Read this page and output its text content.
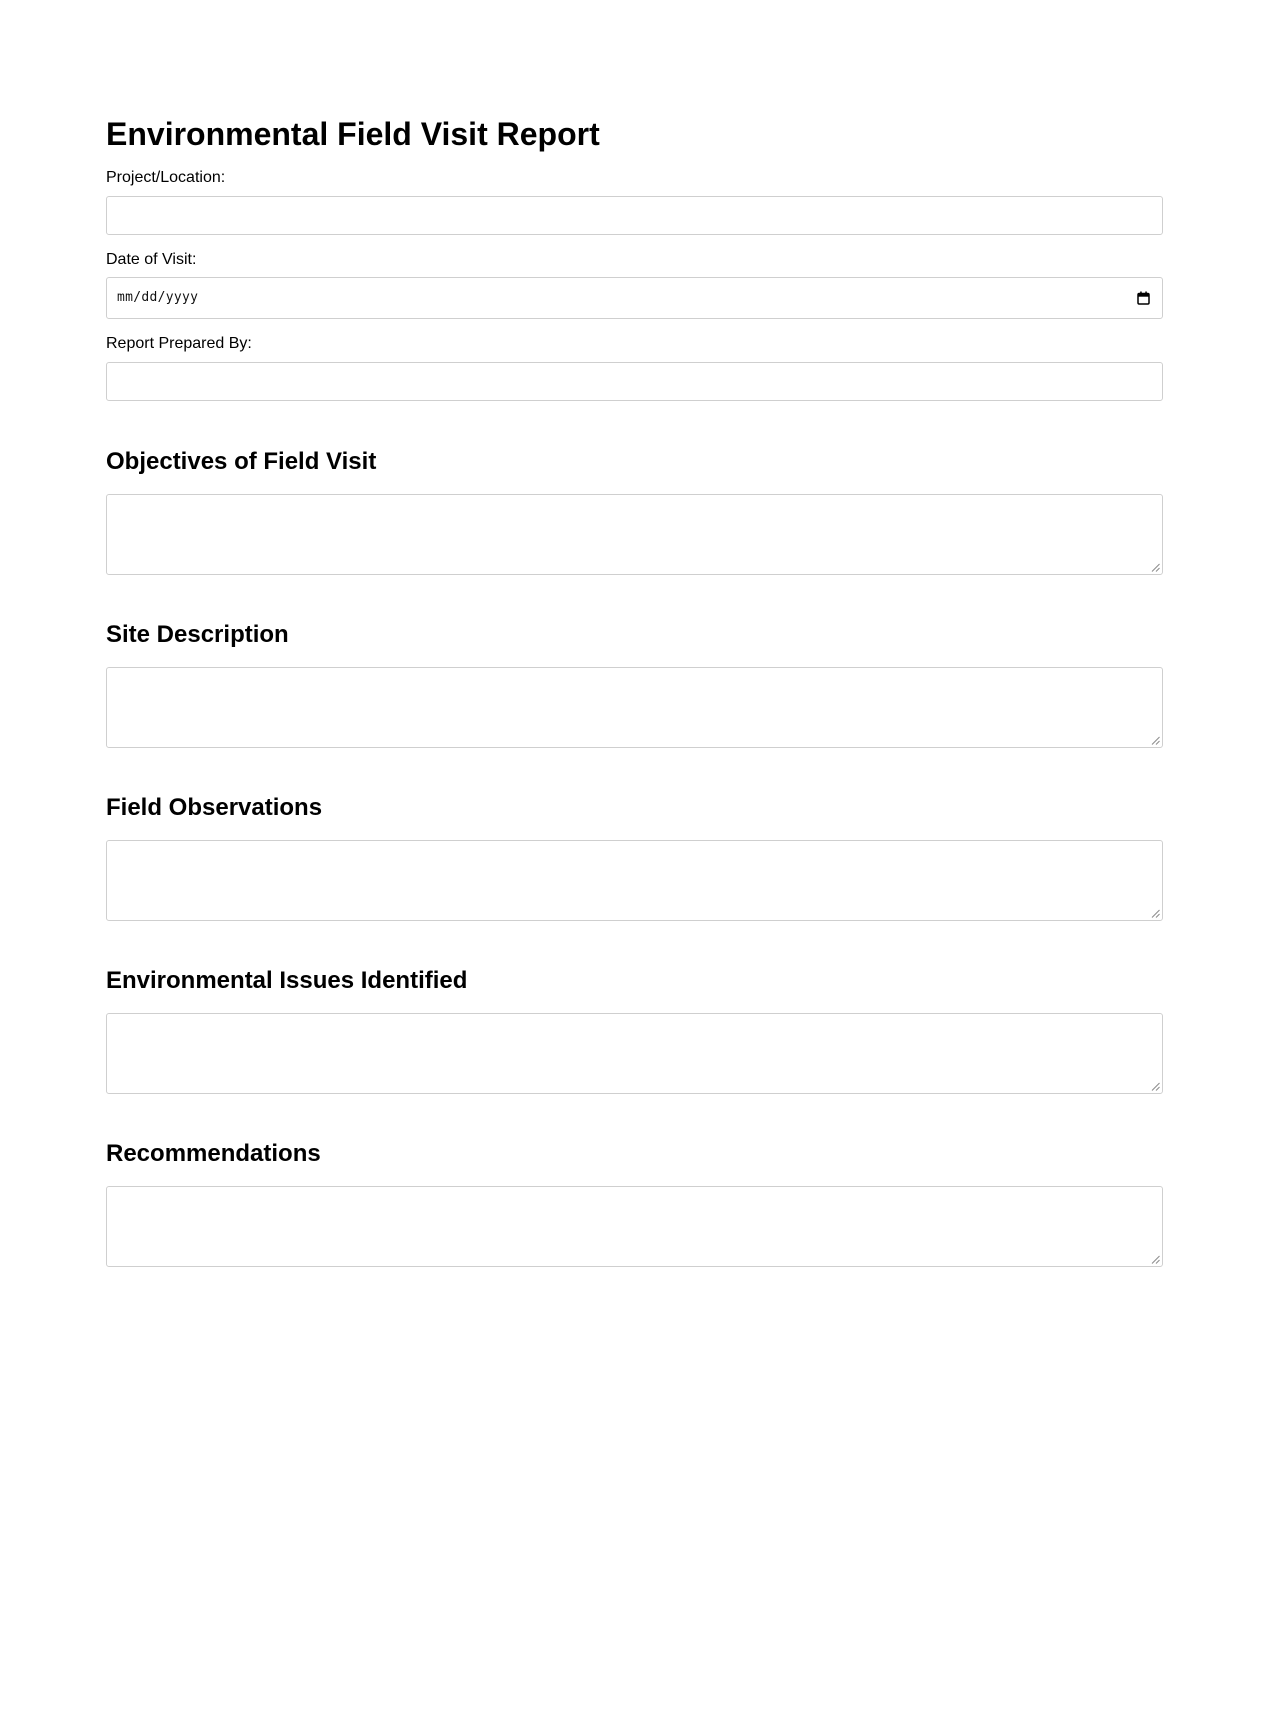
Environmental Field Visit Report
Project/Location:
Date of Visit:
mm/dd/yyyy
Report Prepared By:
Objectives of Field Visit
Site Description
Field Observations
Environmental Issues Identified
Recommendations
